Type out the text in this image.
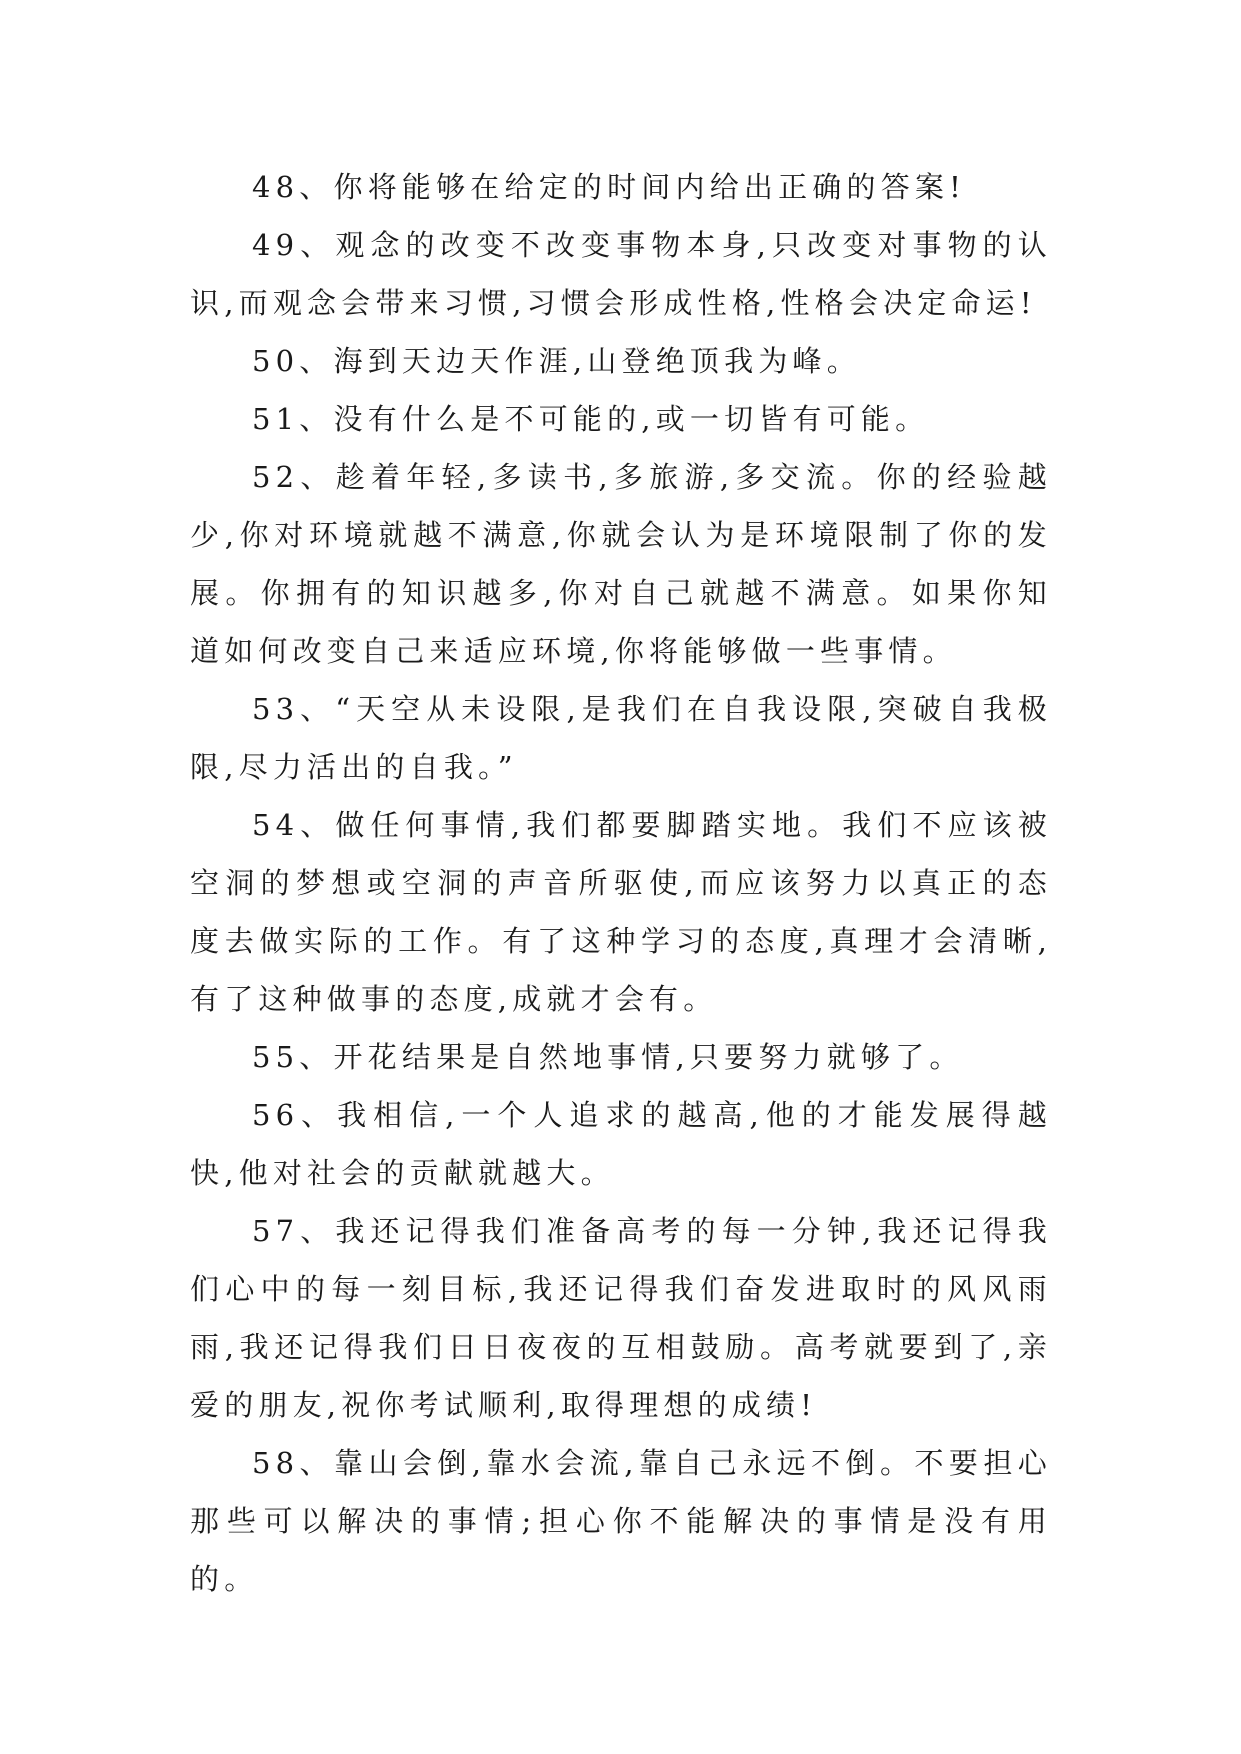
48、你将能够在给定的时间内给出正确的答案!

49、观念的改变不改变事物本身,只改变对事物的认识,而观念会带来习惯,习惯会形成性格,性格会决定命运!

50、海到天边天作涯,山登绝顶我为峰。

51、没有什么是不可能的,或一切皆有可能。

52、趁着年轻,多读书,多旅游,多交流。你的经验越少,你对环境就越不满意,你就会认为是环境限制了你的发展。你拥有的知识越多,你对自己就越不满意。如果你知道如何改变自己来适应环境,你将能够做一些事情。

53、“天空从未设限,是我们在自我设限,突破自我极限,尽力活出的自我。”

54、做任何事情,我们都要脚踏实地。我们不应该被空洞的梦想或空洞的声音所驱使,而应该努力以真正的态度去做实际的工作。有了这种学习的态度,真理才会清晰,有了这种做事的态度,成就才会有。

55、开花结果是自然地事情,只要努力就够了。

56、我相信,一个人追求的越高,他的才能发展得越快,他对社会的贡献就越大。

57、我还记得我们准备高考的每一分钟,我还记得我们心中的每一刻目标,我还记得我们奋发进取时的风风雨雨,我还记得我们日日夜夜的互相鼓励。高考就要到了,亲爱的朋友,祝你考试顺利,取得理想的成绩!

58、靠山会倒,靠水会流,靠自己永远不倒。不要担心那些可以解决的事情;担心你不能解决的事情是没有用的。
